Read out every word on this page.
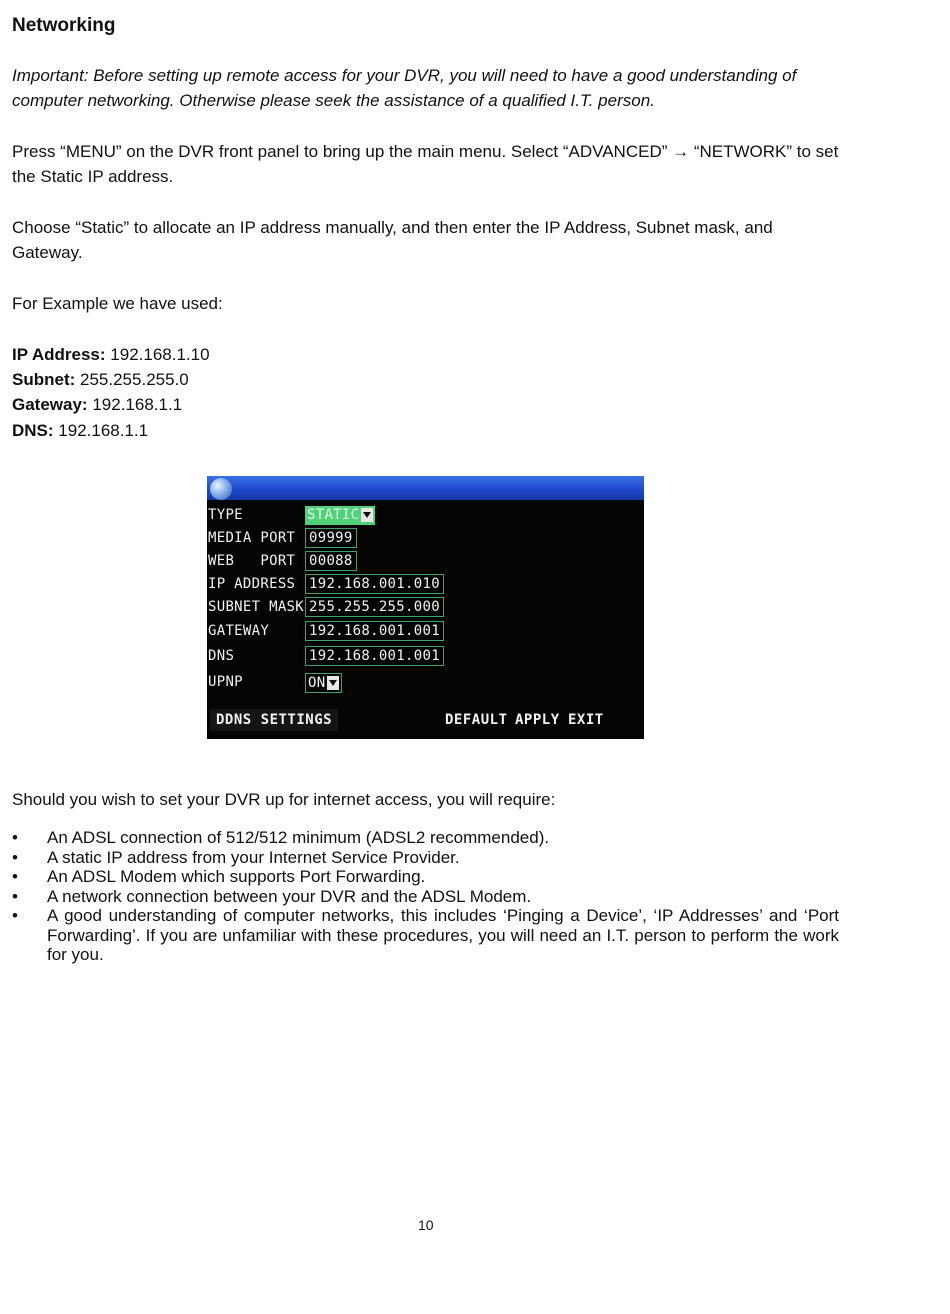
Networking
Important: Before setting up remote access for your DVR, you will need to have a good understanding of computer networking. Otherwise please seek the assistance of a qualified I.T. person.
Press “MENU” on the DVR front panel to bring up the main menu. Select “ADVANCED” → “NETWORK” to set the Static IP address.
Choose “Static” to allocate an IP address manually, and then enter the IP Address, Subnet mask, and Gateway.
For Example we have used:
IP Address: 192.168.1.10
Subnet: 255.255.255.0
Gateway: 192.168.1.1
DNS: 192.168.1.1
Should you wish to set your DVR up for internet access, you will require:
• An ADSL connection of 512/512 minimum (ADSL2 recommended).
• A static IP address from your Internet Service Provider.
• An ADSL Modem which supports Port Forwarding.
• A network connection between your DVR and the ADSL Modem.
• A good understanding of computer networks, this includes ‘Pinging a Device’, ‘IP Addresses’ and ‘Port Forwarding’. If you are unfamiliar with these procedures, you will need an I.T. person to perform the work for you.
TYPE	STATIC
MEDIA PORT 09999
WEB   PORT 00088
IP ADDRESS 192.168.001.010
SUBNET MASK 255.255.255.000
GATEWAY	192.168.001.001
DNS	192.168.001.001
UPNP	ON
DDNS SETTINGS	DEFAULT APPLY EXIT
10
